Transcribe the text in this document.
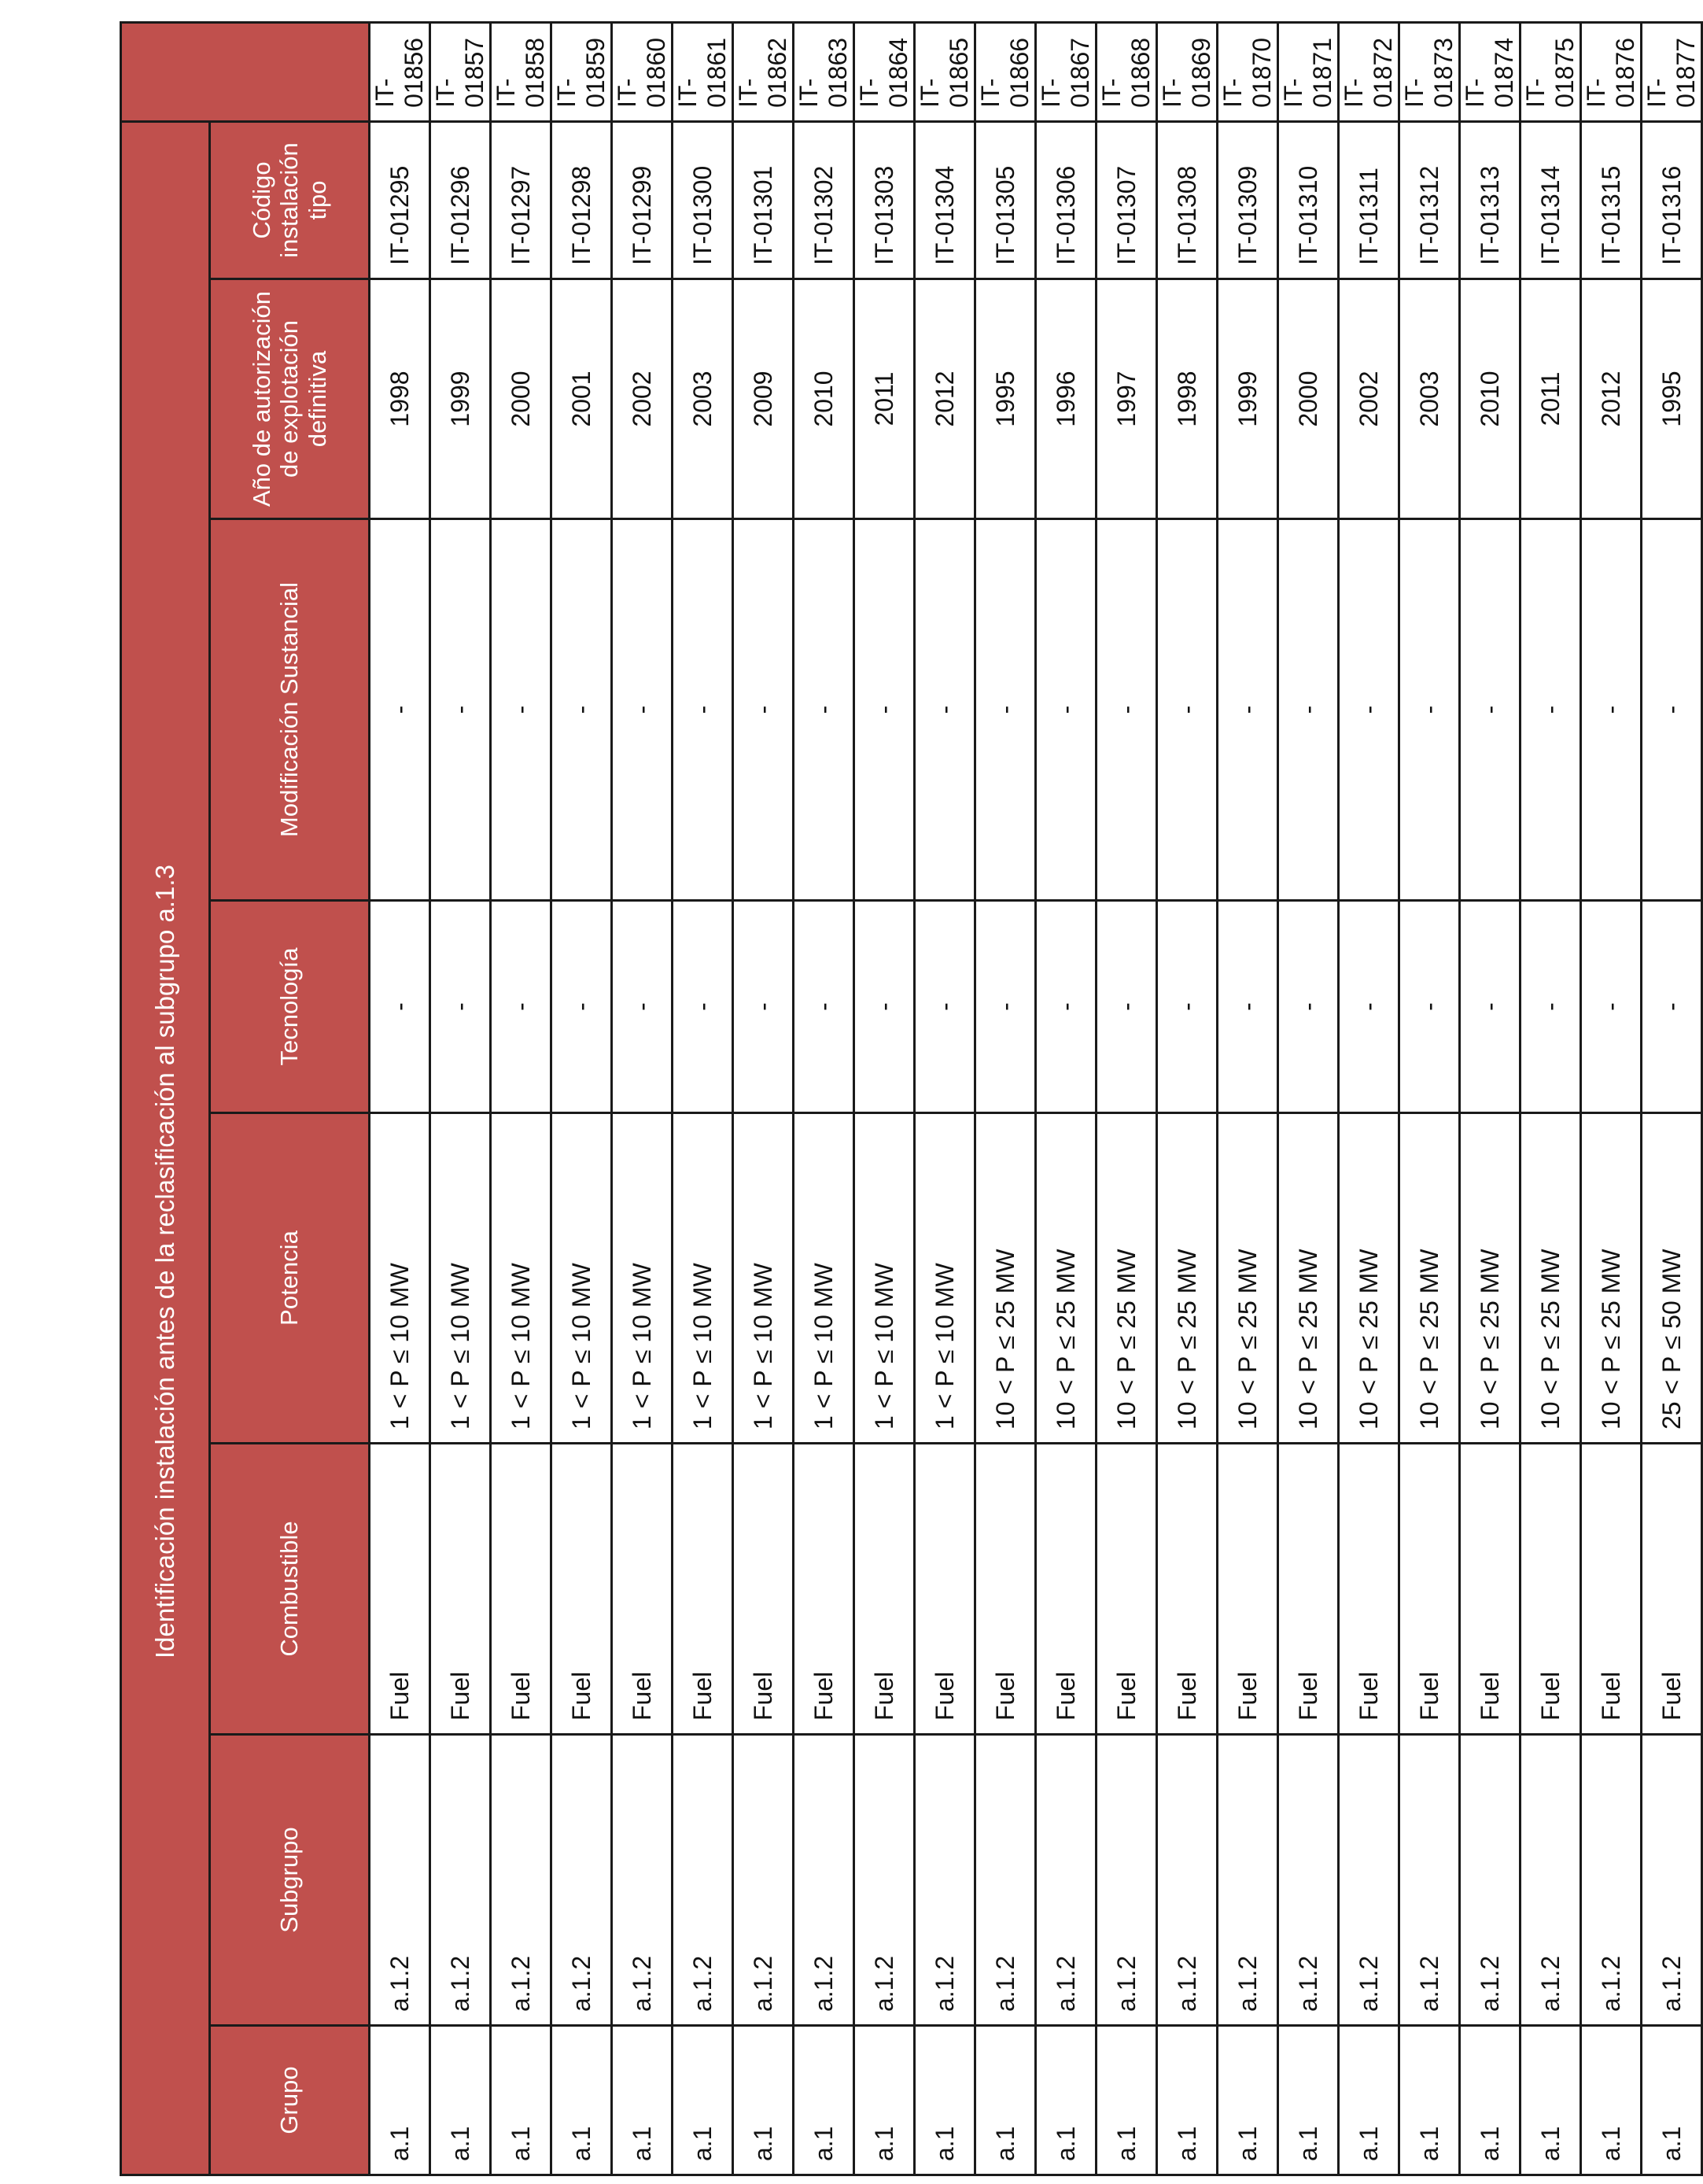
Identificación instalación antes de la reclasificación al subgrupo a.1.3	
Grupo	Subgrupo	Combustible	Potencia	Tecnología	Modificación Sustancial	Año de autorización de explotación definitiva	Código instalación tipo	
a.1	a.1.2	Fuel	1 < P ≤ 10 MW	-	-	1998	IT-01295	IT-01856
a.1	a.1.2	Fuel	1 < P ≤ 10 MW	-	-	1999	IT-01296	IT-01857
a.1	a.1.2	Fuel	1 < P ≤ 10 MW	-	-	2000	IT-01297	IT-01858
a.1	a.1.2	Fuel	1 < P ≤ 10 MW	-	-	2001	IT-01298	IT-01859
a.1	a.1.2	Fuel	1 < P ≤ 10 MW	-	-	2002	IT-01299	IT-01860
a.1	a.1.2	Fuel	1 < P ≤ 10 MW	-	-	2003	IT-01300	IT-01861
a.1	a.1.2	Fuel	1 < P ≤ 10 MW	-	-	2009	IT-01301	IT-01862
a.1	a.1.2	Fuel	1 < P ≤ 10 MW	-	-	2010	IT-01302	IT-01863
a.1	a.1.2	Fuel	1 < P ≤ 10 MW	-	-	2011	IT-01303	IT-01864
a.1	a.1.2	Fuel	1 < P ≤ 10 MW	-	-	2012	IT-01304	IT-01865
a.1	a.1.2	Fuel	10 < P ≤ 25 MW	-	-	1995	IT-01305	IT-01866
a.1	a.1.2	Fuel	10 < P ≤ 25 MW	-	-	1996	IT-01306	IT-01867
a.1	a.1.2	Fuel	10 < P ≤ 25 MW	-	-	1997	IT-01307	IT-01868
a.1	a.1.2	Fuel	10 < P ≤ 25 MW	-	-	1998	IT-01308	IT-01869
a.1	a.1.2	Fuel	10 < P ≤ 25 MW	-	-	1999	IT-01309	IT-01870
a.1	a.1.2	Fuel	10 < P ≤ 25 MW	-	-	2000	IT-01310	IT-01871
a.1	a.1.2	Fuel	10 < P ≤ 25 MW	-	-	2002	IT-01311	IT-01872
a.1	a.1.2	Fuel	10 < P ≤ 25 MW	-	-	2003	IT-01312	IT-01873
a.1	a.1.2	Fuel	10 < P ≤ 25 MW	-	-	2010	IT-01313	IT-01874
a.1	a.1.2	Fuel	10 < P ≤ 25 MW	-	-	2011	IT-01314	IT-01875
a.1	a.1.2	Fuel	10 < P ≤ 25 MW	-	-	2012	IT-01315	IT-01876
a.1	a.1.2	Fuel	25 < P ≤ 50 MW	-	-	1995	IT-01316	IT-01877
